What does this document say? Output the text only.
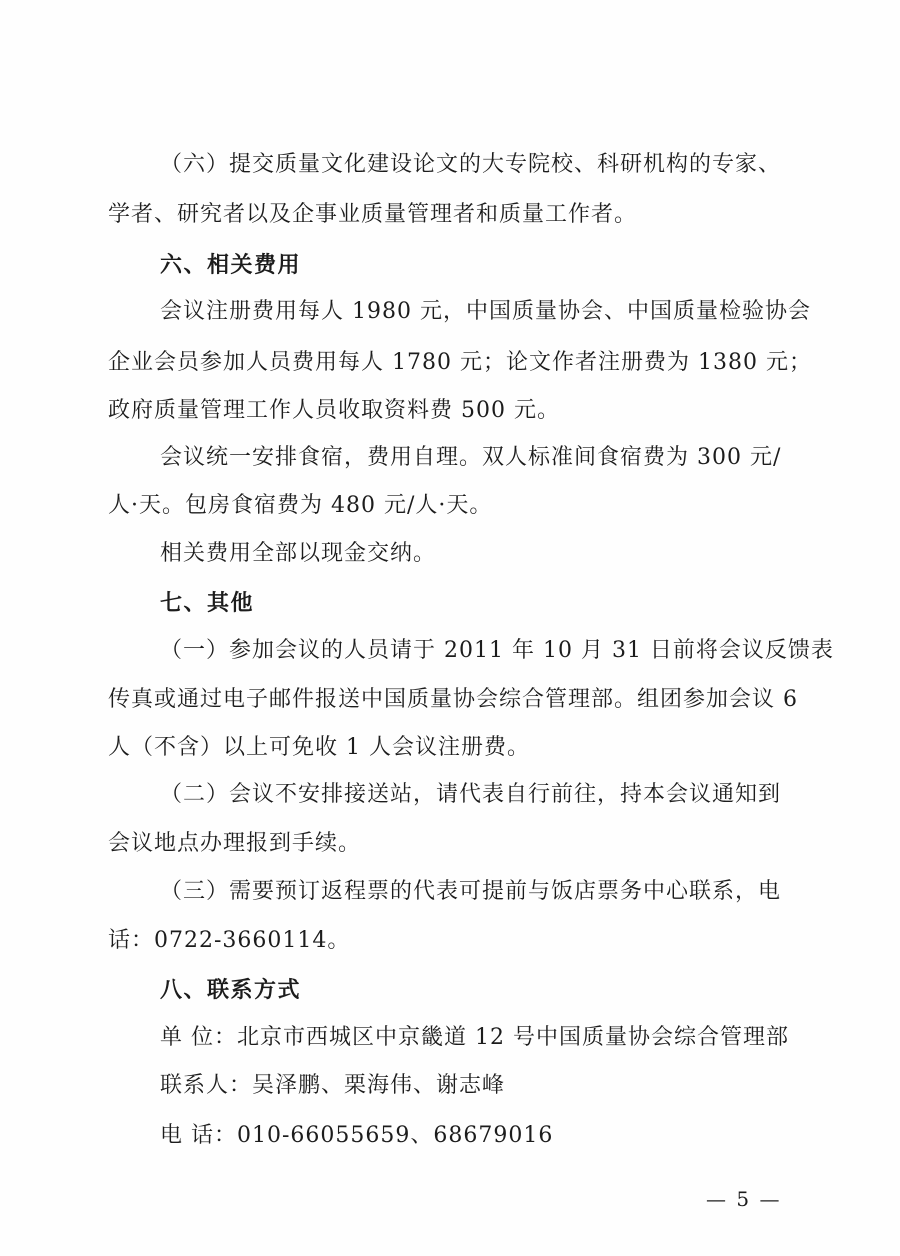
（六）提交质量文化建设论文的大专院校、科研机构的专家、
学者、研究者以及企事业质量管理者和质量工作者。
六、相关费用
会议注册费用每人 1980 元，中国质量协会、中国质量检验协会
企业会员参加人员费用每人 1780 元；论文作者注册费为 1380 元；
政府质量管理工作人员收取资料费 500 元。
会议统一安排食宿，费用自理。双人标准间食宿费为 300 元/
人·天。包房食宿费为 480 元/人·天。
相关费用全部以现金交纳。
七、其他
（一）参加会议的人员请于 2011 年 10 月 31 日前将会议反馈表
传真或通过电子邮件报送中国质量协会综合管理部。组团参加会议 6
人（不含）以上可免收 1 人会议注册费。
（二）会议不安排接送站，请代表自行前往，持本会议通知到
会议地点办理报到手续。
（三）需要预订返程票的代表可提前与饭店票务中心联系，电
话：0722-3660114。
八、联系方式
单 位：北京市西城区中京畿道 12 号中国质量协会综合管理部
联系人：吴泽鹏、栗海伟、谢志峰
电 话：010-66055659、68679016
— 5 —
